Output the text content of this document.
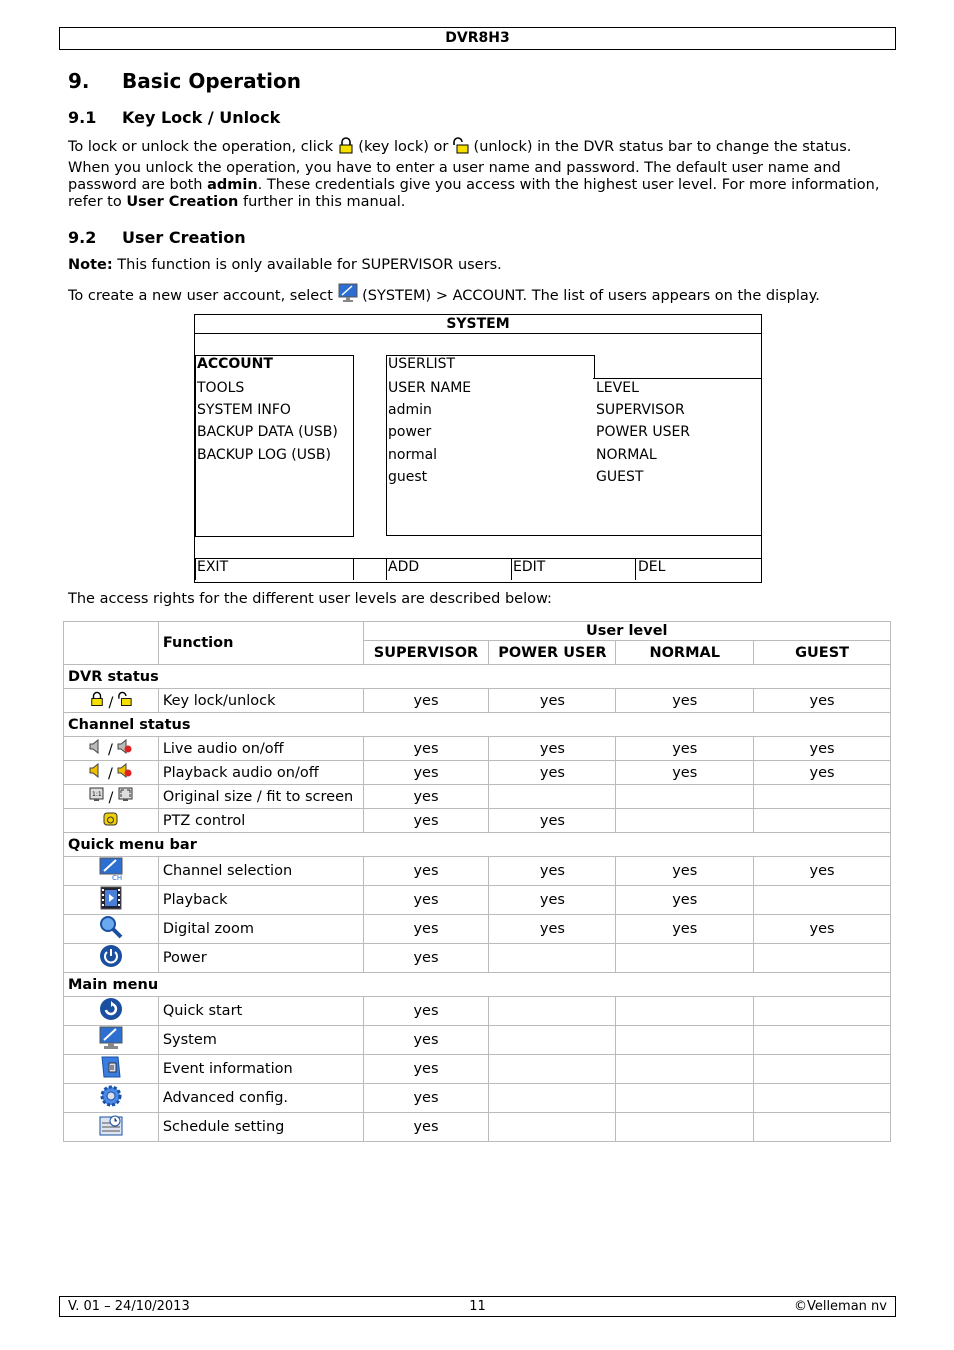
DVR8H3
9. Basic Operation
9.1 Key Lock / Unlock

To lock or unlock the operation, click  (key lock) or  (unlock) in the DVR status bar to change the status.

When you unlock the operation, you have to enter a user name and password. The default user name and password are both admin. These credentials give you access with the highest user level. For more information, refer to User Creation further in this manual.

9.2 User Creation

Note: This function is only available for SUPERVISOR users.

To create a new user account, select  (SYSTEM) > ACCOUNT. The list of users appears on the display.

SYSTEM
ACCOUNT
TOOLS
SYSTEM INFO
BACKUP DATA (USB)
BACKUP LOG (USB)
USERLIST
USER NAME	LEVEL
admin	SUPERVISOR
power	POWER USER
normal	NORMAL
guest	GUEST
EXIT	ADD	EDIT	DEL

The access rights for the different user levels are described below:

	Function	User level			
		SUPERVISOR	POWER USER	NORMAL	GUEST
DVR status					
/	Key lock/unlock	yes	yes	yes	yes
Channel status					
/	Live audio on/off	yes	yes	yes	yes
/	Playback audio on/off	yes	yes	yes	yes

1:1 /	Original size / fit to screen	yes			
	PTZ control	yes	yes		
Quick menu bar					

CH	Channel selection	yes	yes	yes	yes
	Playback	yes	yes	yes	
	Digital zoom	yes	yes	yes	yes
	Power	yes			
Main menu					
	Quick start	yes			
	System	yes			
	Event information	yes			
	Advanced config.	yes			
	Schedule setting	yes			
11
V. 01 – 24/10/2013	©Velleman nv
